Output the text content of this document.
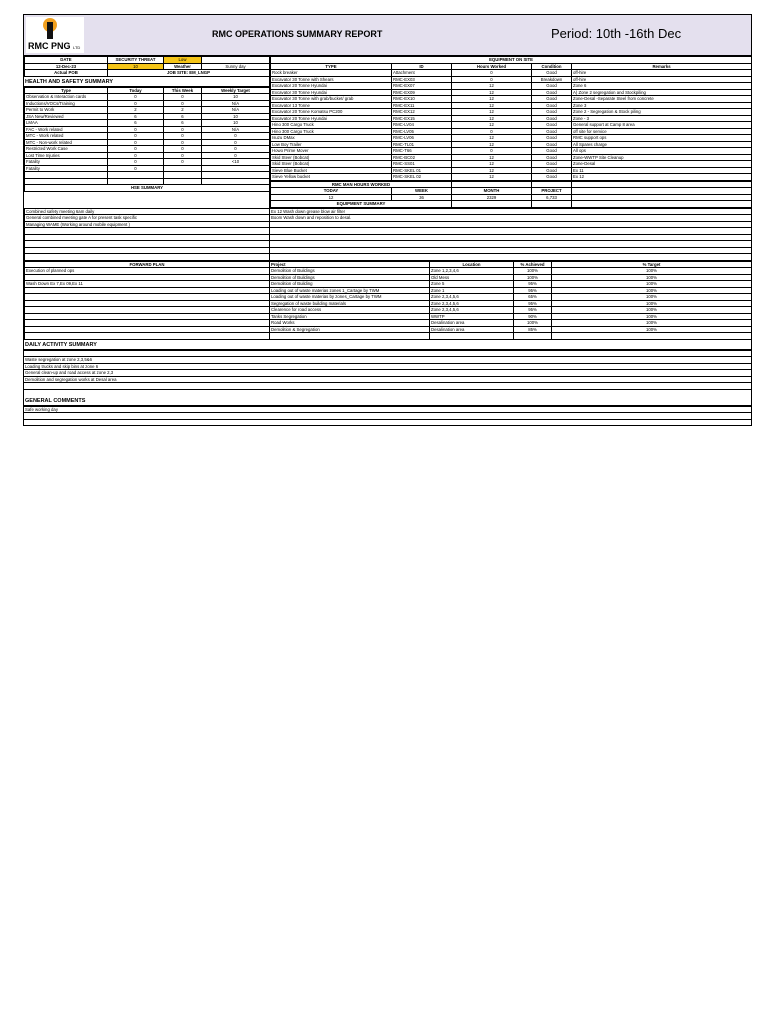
RMC PNG LTD
RMC OPERATIONS SUMMARY REPORT	Period: 10th -16th Dec
DATE	SECURITY THREAT	Low	
12-Dec-23	10	Weather	Sunny day
Actual POB	JOB SITE: EM_LNGP		
HEALTH AND SAFETY SUMMARY
Type	Today	This Week	Weekly Target
Observation & Interaction cards	0	0	10
Inductions/VOCs/Training	0	0	N/A
Permit to Work	2	2	N/A
JSA New/Reviewed	6	6	10
LMAA	6	6	10
FAC - Work related	0	0	N/A
MTC - Work related	0	0	0
MTC - Non-work related	0	0	0
Restricted Work Case	0	0	0
Lost Time Injuries	0	0	0
Fatality	0	0	<10
Fatality	0		

HSE SUMMARY			
EQUIPMENT ON SITE				
TYPE	ID	Hours Worked	Condition	Remarks
Rock breaker	Attachment	0	Good	off-hire
Excavator 30 Tonne with Shears	RMC-EX03	0	Breakdown	off-hire
Excavator 20 Tonne Hyundai	RMC-EX07	12	Good	Zone 6
Excavator 30 Tonne Hyundai	RMC-EX09	12	Good	A) Zone 2 segregation and Stockpiling
Excavator 30 Tonne with grab/bucket/ grab	RMC-EX10	12	Good	Zone-Desal -Separate Steel from concrete
Excavator 13 Tonne	RMC-EX11	12	Good	Zone 3
Excavator 20 Tonne Komatsu PC200	RMC-EX12	12	Good	Zone 2 - Segregation & Stock piling
Excavator 20 Tonne Hyundai	RMC-EX15	12	Good	Zone - 3
Hino 300 Cargo Truck	RMC-LV04	12	Good	General support at Camp 8 area
Hino 300 Cargo Truck	RMC-LV05	0	Good	off site for service
Isuzu DMax	RMC-LV06	12	Good	RMC support ops
Low Boy Trailer	RMC-TL01	12	Good	All Spares charge
Howo Prime Mover	RMC-T66	0	Good	All ops
Skid Steer (Bobcat)	RMC-BC02	12	Good	Zone-WWTP Site Cleanup
Skid Steer (Bobcat)	RMC-SS01	12	Good	Zone-Desal
Sieve Blue Bucket	RMC-SKEL 01	12	Good	Ex 11
Sieve Yellow bucket	RMC-SKEL 02	12	Good	Ex 12
RMC MAN HOURS WORKED				
TODAY	WEEK	MONTH	PROJECT	
12	36	2329	6,733	
EQUIPMENT SUMMARY				
Combined safety meeting 6am daily	Ex 12 Wash down grease blow air filter
General combined meeting gate A for present task specific	Boom Wash down and reposition to desal.
Managing WAME (Working around mobile equipment )	

FORWARD PLAN	Project	Location	% Achieved	% Target
Execution of planned ops	Demolition of Buildings	Zone 1,2,3,4,6	100%	100%
	Demolition of Buildings	Old Mess	100%	100%
Wash Down Ex 7,Ex 09,Ex 11	Demolition of Building	Zone 5	95%	100%
	Loading out of waste materias zones 1_Cartage by TWM	Zone 1	95%	100%
	Loading out of waste materias by zones_Cartage by TWM	Zone 2,3,4,5,6	65%	100%
	Segregation of waste building materials	Zone 2,3,4,5,6	95%	100%
	Clearence for road access	Zone 2,3,4,5,6	95%	100%
	Tanks Segregation	WWTP	90%	100%
	Road Works	Desalination area	100%	100%
	Demolition & Segregation	Desalination area	85%	100%

DAILY ACTIVITY SUMMARY

Waste segregation at zone 2,3,5&6
Loading trucks and skip bins at zone 6
General clean-up and road access at zone 2,3
Demolition and segregation works at Desal area

GENERAL COMMENTS
Safe working day
